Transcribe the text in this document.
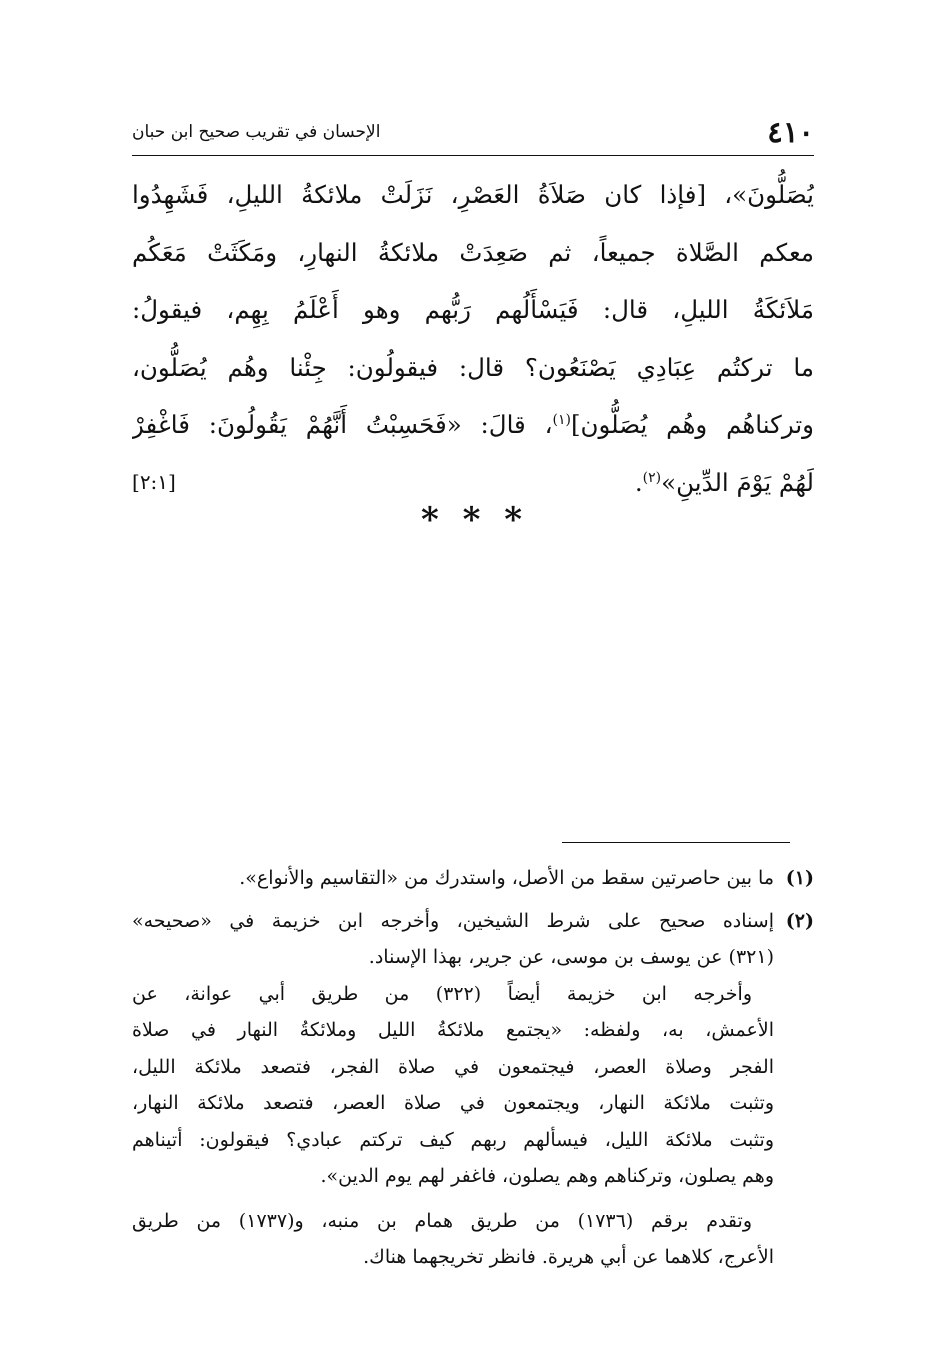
٤١٠
الإحسان في تقريب صحيح ابن حبان
يُصَلُّونَ»، [فإذا كان صَلاَةُ العَصْرِ، نَزَلَتْ ملائكةُ الليلِ، فَشَهِدُوا
معكم الصَّلاة جميعاً، ثم صَعِدَتْ ملائكةُ النهارِ، ومَكَثَتْ مَعَكُم
مَلاَئكَةُ الليلِ، قال: فَيَسْأَلُهم رَبُّهم وهو أَعْلَمُ بِهِم، فيقولُ:
ما تركتُم عِبَادِي يَصْنَعُون؟ قال: فيقولُون: جِئْنا وهُم يُصَلُّون،
وتركناهُم وهُم يُصَلُّون]$^{(١)}$، قالَ: «فَحَسِبْتُ أَنَّهُمْ يَقُولُونَ: فَاغْفِرْ
لَهُمْ يَوْمَ الدِّينِ»$^{(٢)}$.
[٢:١]
* * *
(١)ما بين حاصرتين سقط من الأصل، واستدرك من «التقاسيم والأنواع».
(٢)إسناده صحيح على شرط الشيخين، وأخرجه ابن خزيمة في «صحيحه»
(٣٢١) عن يوسف بن موسى، عن جرير، بهذا الإسناد.
وأخرجه ابن خزيمة أيضاً (٣٢٢) من طريق أبي عوانة، عن
الأعمش، به، ولفظه: «يجتمع ملائكةُ الليل وملائكةُ النهار في صلاة
الفجر وصلاة العصر، فيجتمعون في صلاة الفجر، فتصعد ملائكة الليل،
وتثبت ملائكة النهار، ويجتمعون في صلاة العصر، فتصعد ملائكة النهار،
وتثبت ملائكة الليل، فيسألهم ربهم كيف تركتم عبادي؟ فيقولون: أتيناهم
وهم يصلون، وتركناهم وهم يصلون، فاغفر لهم يوم الدين».
وتقدم برقم (١٧٣٦) من طريق همام بن منبه، و(١٧٣٧) من طريق
الأعرج، كلاهما عن أبي هريرة. فانظر تخريجهما هناك.
